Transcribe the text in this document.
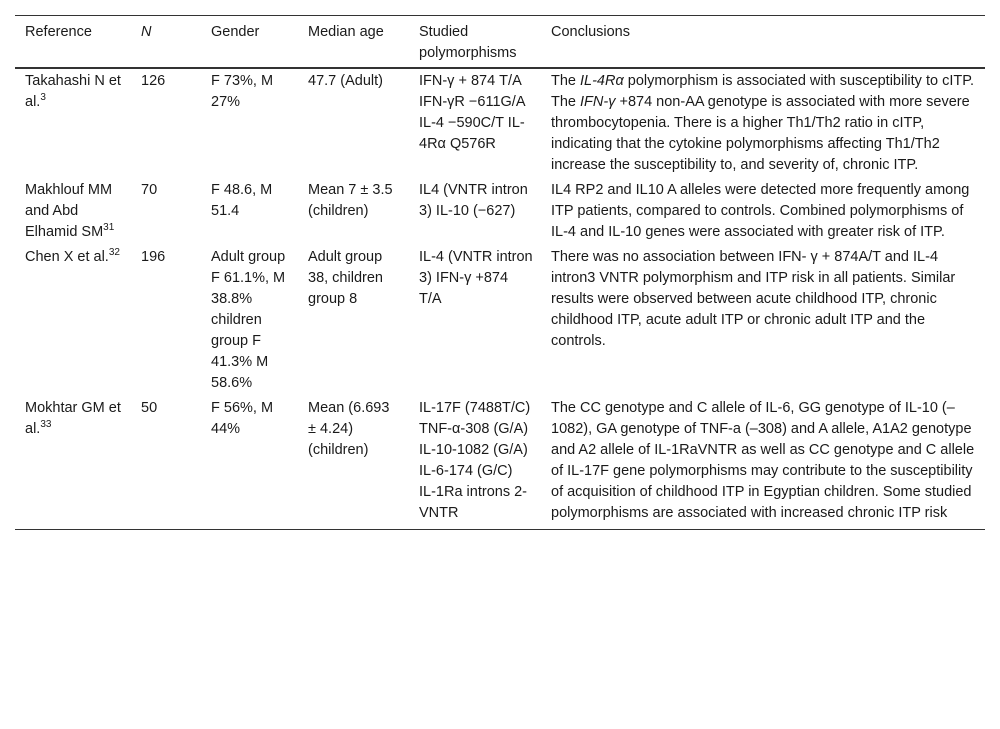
Reference	N	Gender	Median age	Studied polymorphisms	Conclusions
Takahashi N et al.$^3$	126	F 73%, M 27%	47.7 (Adult)	IFN-γ + 874 T/A IFN-γR −611G/A IL-4 −590C/T IL-4Rα Q576R	The IL-4Rα polymorphism is associated with susceptibility to cITP. The IFN-γ +874 non-AA genotype is associated with more severe thrombocytopenia. There is a higher Th1/Th2 ratio in cITP, indicating that the cytokine polymorphisms affecting Th1/Th2 increase the susceptibility to, and severity of, chronic ITP.
Makhlouf MM and Abd Elhamid SM$^{31}$	70	F 48.6, M 51.4	Mean 7 ± 3.5 (children)	IL4 (VNTR intron 3) IL-10 (−627)	IL4 RP2 and IL10 A alleles were detected more frequently among ITP patients, compared to controls. Combined polymorphisms of IL-4 and IL-10 genes were associated with greater risk of ITP.
Chen X et al.$^{32}$	196	Adult group F 61.1%, M 38.8% children group F 41.3% M 58.6%	Adult group 38, children group 8	IL-4 (VNTR intron 3) IFN-γ +874 T/A	There was no association between IFN- γ + 874A/T and IL-4 intron3 VNTR polymorphism and ITP risk in all patients. Similar results were observed between acute childhood ITP, chronic childhood ITP, acute adult ITP or chronic adult ITP and the controls.
Mokhtar GM et al.$^{33}$	50	F 56%, M 44%	Mean (6.693 ± 4.24) (children)	IL-17F (7488T/C) TNF-α-308 (G/A) IL-10-1082 (G/A) IL-6-174 (G/C) IL-1Ra introns 2-VNTR	The CC genotype and C allele of IL-6, GG genotype of IL-10 (–1082), GA genotype of TNF-a (–308) and A allele, A1A2 genotype and A2 allele of IL-1RaVNTR as well as CC genotype and C allele of IL-17F gene polymorphisms may contribute to the susceptibility of acquisition of childhood ITP in Egyptian children. Some studied polymorphisms are associated with increased chronic ITP risk
